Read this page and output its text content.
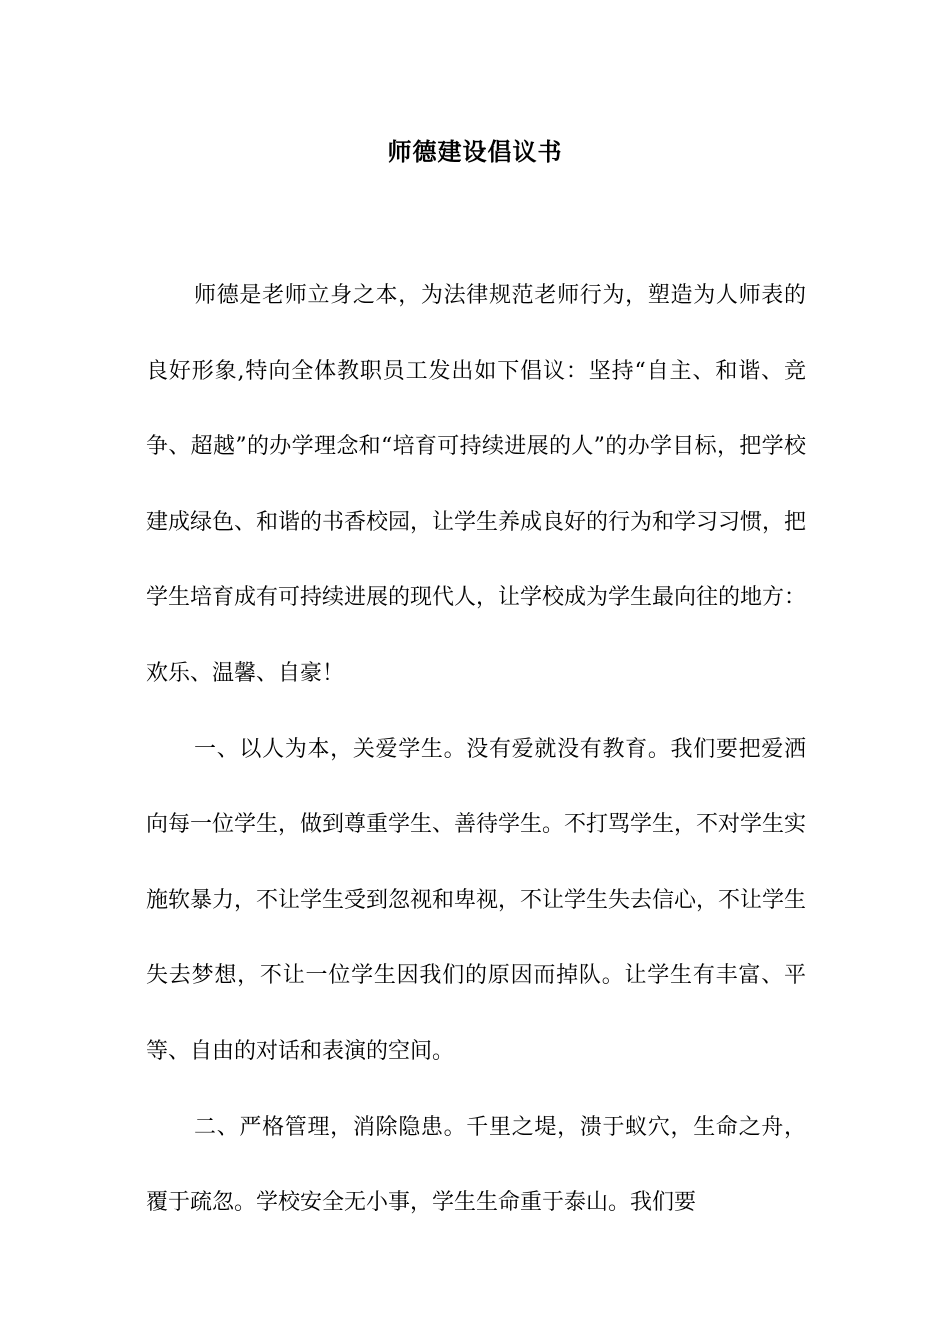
师德建设倡议书

师德是老师立身之本，为法律规范老师行为，塑造为人师表的良好形象,特向全体教职员工发出如下倡议：坚持“自主、和谐、竞争、超越”的办学理念和“培育可持续进展的人”的办学目标，把学校建成绿色、和谐的书香校园，让学生养成良好的行为和学习习惯，把学生培育成有可持续进展的现代人，让学校成为学生最向往的地方：欢乐、温馨、自豪！

一、以人为本，关爱学生。没有爱就没有教育。我们要把爱洒向每一位学生，做到尊重学生、善待学生。不打骂学生，不对学生实施软暴力，不让学生受到忽视和卑视，不让学生失去信心，不让学生失去梦想，不让一位学生因我们的原因而掉队。让学生有丰富、平等、自由的对话和表演的空间。

二、严格管理，消除隐患。千里之堤，溃于蚁穴，生命之舟，覆于疏忽。学校安全无小事，学生生命重于泰山。我们要
